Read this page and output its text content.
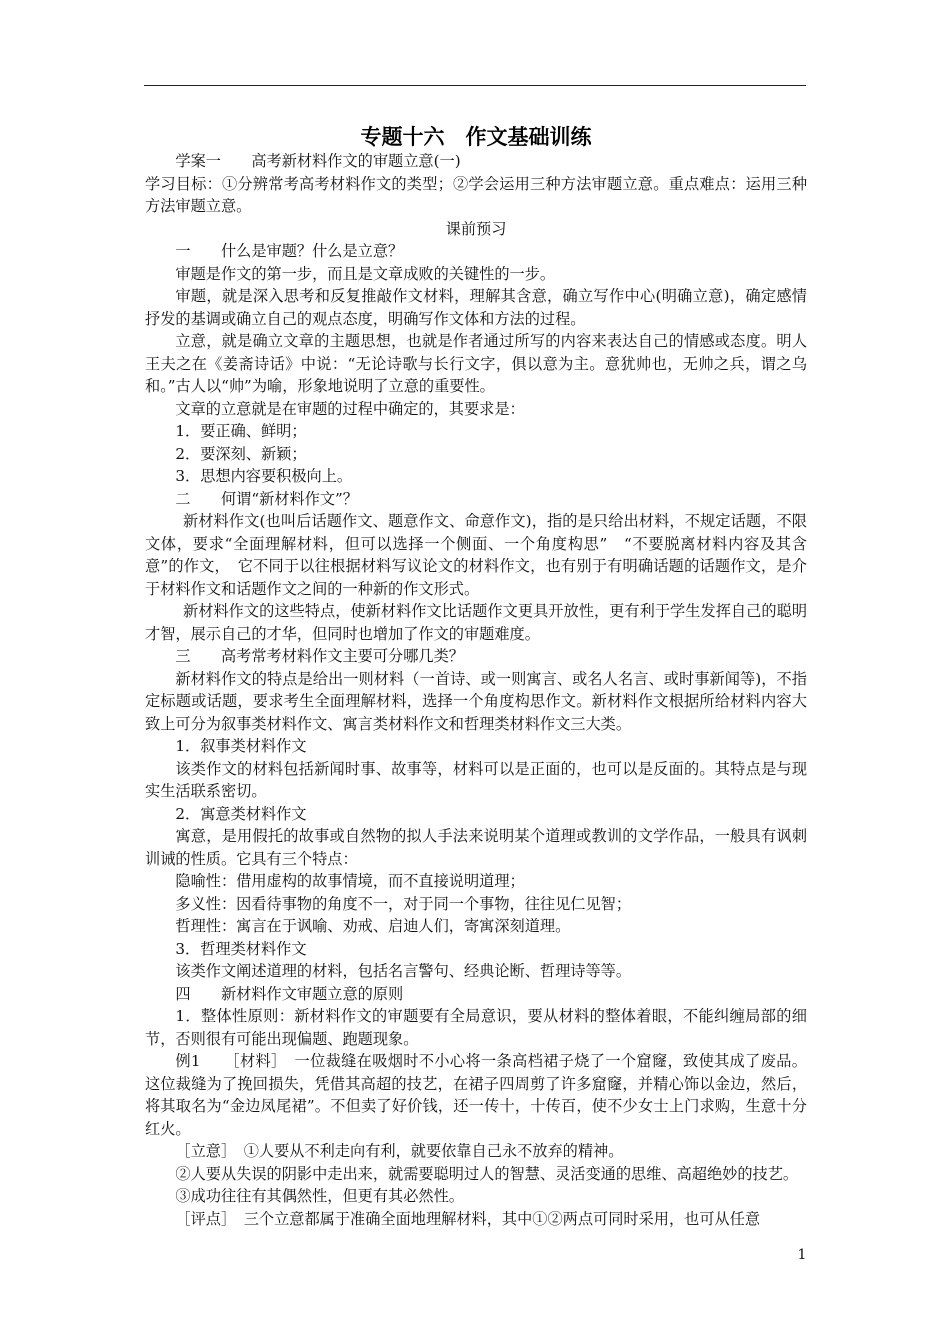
专题十六　作文基础训练

学案一　　高考新材料作文的审题立意(一)

学习目标：①分辨常考高考材料作文的类型；②学会运用三种方法审题立意。重点难点：运用三种方法审题立意。

课前预习

一　　什么是审题？什么是立意？

审题是作文的第一步，而且是文章成败的关键性的一步。

审题，就是深入思考和反复推敲作文材料，理解其含意，确立写作中心(明确立意)，确定感情抒发的基调或确立自己的观点态度，明确写作文体和方法的过程。

立意，就是确立文章的主题思想，也就是作者通过所写的内容来表达自己的情感或态度。明人王夫之在《姜斋诗话》中说：“无论诗歌与长行文字，俱以意为主。意犹帅也，无帅之兵，谓之乌和。”古人以“帅”为喻，形象地说明了立意的重要性。

文章的立意就是在审题的过程中确定的，其要求是：

1．要正确、鲜明；

2．要深刻、新颖；

3．思想内容要积极向上。

二　　何谓“新材料作文”？

新材料作文(也叫后话题作文、题意作文、命意作文)，指的是只给出材料，不规定话题，不限文体，要求“全面理解材料，但可以选择一个侧面、一个角度构思”　“不要脱离材料内容及其含意”的作文，　它不同于以往根据材料写议论文的材料作文，也有别于有明确话题的话题作文，是介于材料作文和话题作文之间的一种新的作文形式。

新材料作文的这些特点，使新材料作文比话题作文更具开放性，更有利于学生发挥自己的聪明才智，展示自己的才华，但同时也增加了作文的审题难度。

三　　高考常考材料作文主要可分哪几类？

新材料作文的特点是给出一则材料（一首诗、或一则寓言、或名人名言、或时事新闻等)，不指定标题或话题，要求考生全面理解材料，选择一个角度构思作文。新材料作文根据所给材料内容大致上可分为叙事类材料作文、寓言类材料作文和哲理类材料作文三大类。

1．叙事类材料作文

该类作文的材料包括新闻时事、故事等，材料可以是正面的，也可以是反面的。其特点是与现实生活联系密切。

2．寓意类材料作文

寓意，是用假托的故事或自然物的拟人手法来说明某个道理或教训的文学作品，一般具有讽刺训诫的性质。它具有三个特点：

隐喻性：借用虚构的故事情境，而不直接说明道理；

多义性：因看待事物的角度不一，对于同一个事物，往往见仁见智；

哲理性：寓言在于讽喻、劝戒、启迪人们，寄寓深刻道理。

3．哲理类材料作文

该类作文阐述道理的材料，包括名言警句、经典论断、哲理诗等等。

四　　新材料作文审题立意的原则

1．整体性原则：新材料作文的审题要有全局意识，要从材料的整体着眼，不能纠缠局部的细节，否则很有可能出现偏题、跑题现象。

例1　　［材料］　一位裁缝在吸烟时不小心将一条高档裙子烧了一个窟窿，致使其成了废品。这位裁缝为了挽回损失，凭借其高超的技艺，在裙子四周剪了许多窟窿，并精心饰以金边，然后，将其取名为“金边凤尾裙”。不但卖了好价钱，还一传十，十传百，使不少女士上门求购，生意十分红火。

［立意］　①人要从不利走向有利，就要依靠自己永不放弃的精神。

②人要从失误的阴影中走出来，就需要聪明过人的智慧、灵活变通的思维、高超绝妙的技艺。

③成功往往有其偶然性，但更有其必然性。

［评点］　三个立意都属于准确全面地理解材料，其中①②两点可同时采用，也可从任意

1
